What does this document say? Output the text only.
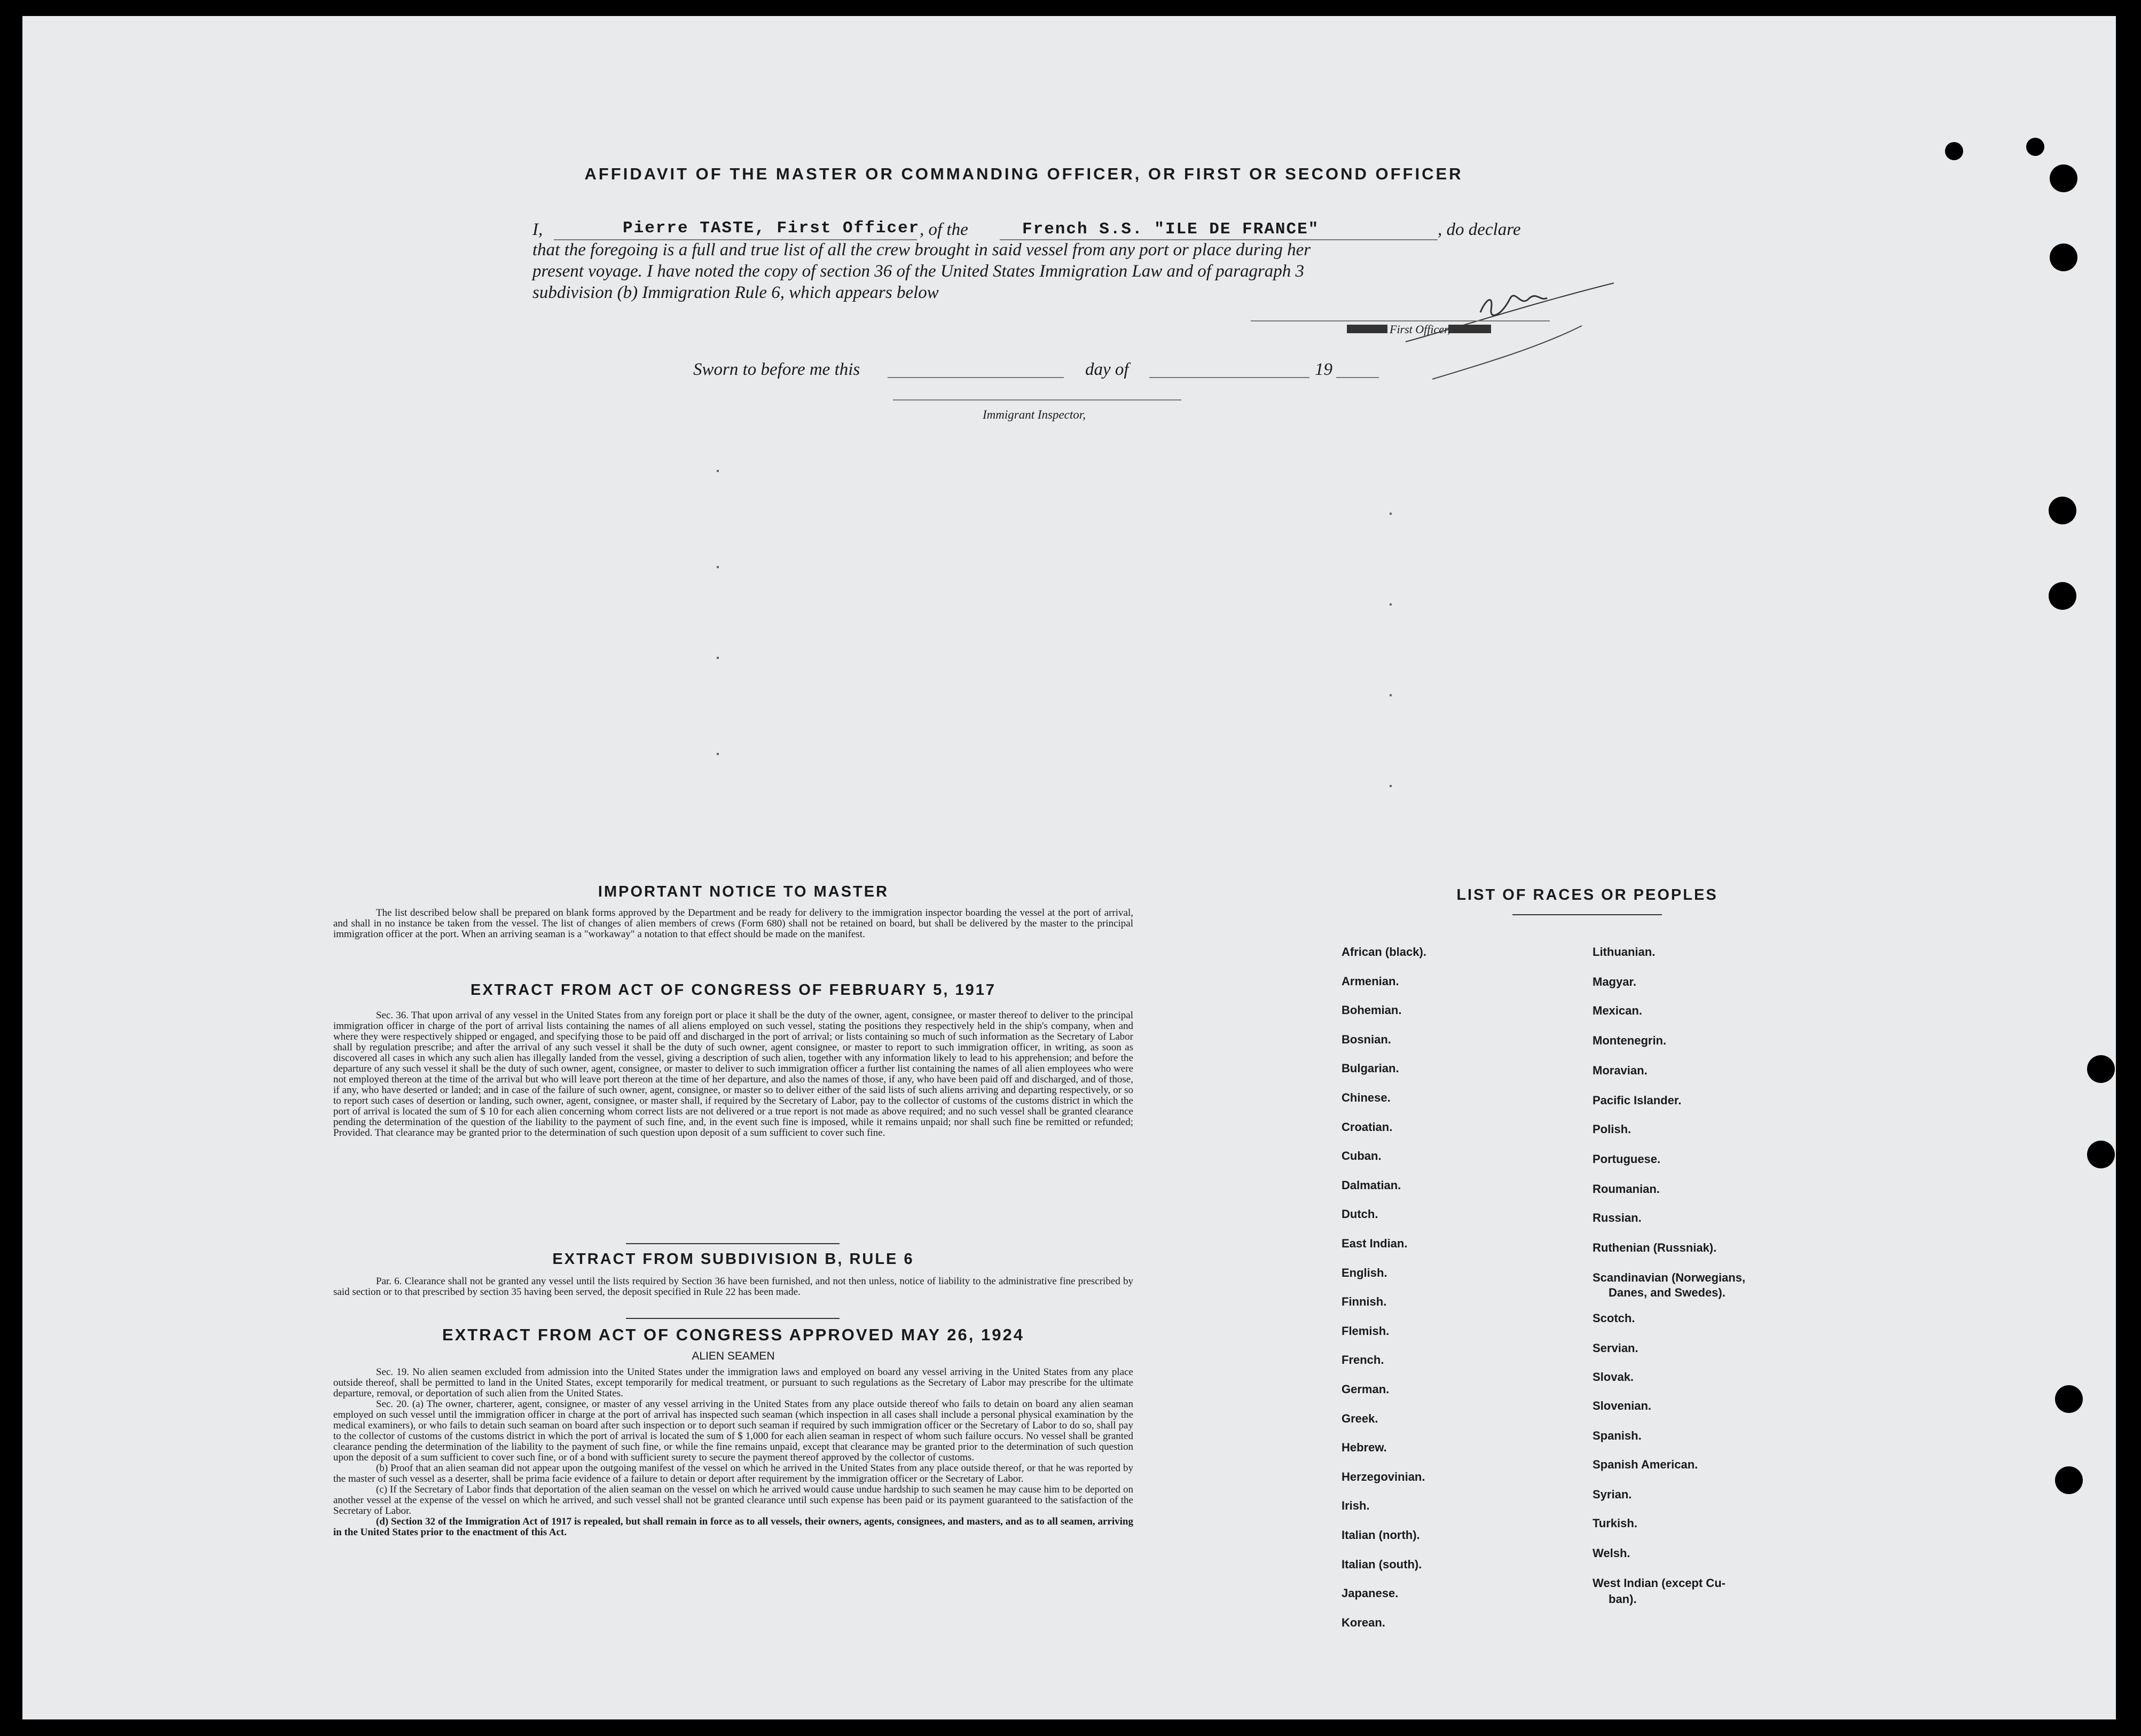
AFFIDAVIT OF THE MASTER OR COMMANDING OFFICER, OR FIRST OR SECOND OFFICER
I,	Pierre TASTE, First Officer , of the	French S.S. "ILE DE FRANCE"	, do declare
that the foregoing is a full and true list of all the crew brought in said vessel from any port or place during her
present voyage. I have noted the copy of section 36 of the United States Immigration Law and of paragraph 3
subdivision (b) Immigration Rule 6, which appears below
First Officer,
Sworn to before me this	day of	19
Immigrant Inspector,
IMPORTANT NOTICE TO MASTER
The list described below shall be prepared on blank forms approved by the Department and be ready for delivery to the immigration inspector boarding the vessel at the port of arrival, and shall in no instance be taken from the vessel. The list of changes of alien members of crews (Form 680) shall not be retained on board, but shall be delivered by the master to the principal immigration officer at the port. When an arriving seaman is a "workaway" a notation to that effect should be made on the manifest.
EXTRACT FROM ACT OF CONGRESS OF FEBRUARY 5, 1917
Sec. 36. That upon arrival of any vessel in the United States from any foreign port or place it shall be the duty of the owner, agent, consignee, or master thereof to deliver to the principal immigration officer in charge of the port of arrival lists containing the names of all aliens employed on such vessel, stating the positions they respectively held in the ship's company, when and where they were respectively shipped or engaged, and specifying those to be paid off and discharged in the port of arrival; or lists containing so much of such information as the Secretary of Labor shall by regulation prescribe; and after the arrival of any such vessel it shall be the duty of such owner, agent consignee, or master to report to such immigration officer, in writing, as soon as discovered all cases in which any such alien has illegally landed from the vessel, giving a description of such alien, together with any information likely to lead to his apprehension; and before the departure of any such vessel it shall be the duty of such owner, agent, consignee, or master to deliver to such immigration officer a further list containing the names of all alien employees who were not employed thereon at the time of the arrival but who will leave port thereon at the time of her departure, and also the names of those, if any, who have been paid off and discharged, and of those, if any, who have deserted or landed; and in case of the failure of such owner, agent, consignee, or master so to deliver either of the said lists of such aliens arriving and departing respectively, or so to report such cases of desertion or landing, such owner, agent, consignee, or master shall, if required by the Secretary of Labor, pay to the collector of customs of the customs district in which the port of arrival is located the sum of $ 10 for each alien concerning whom correct lists are not delivered or a true report is not made as above required; and no such vessel shall be granted clearance pending the determination of the question of the liability to the payment of such fine, and, in the event such fine is imposed, while it remains unpaid; nor shall such fine be remitted or refunded; Provided. That clearance may be granted prior to the determination of such question upon deposit of a sum sufficient to cover such fine.
EXTRACT FROM SUBDIVISION B, RULE 6
Par. 6. Clearance shall not be granted any vessel until the lists required by Section 36 have been furnished, and not then unless, notice of liability to the administrative fine prescribed by said section or to that prescribed by section 35 having been served, the deposit specified in Rule 22 has been made.
EXTRACT FROM ACT OF CONGRESS APPROVED MAY 26, 1924
ALIEN SEAMEN

Sec. 19. No alien seamen excluded from admission into the United States under the immigration laws and employed on board any vessel arriving in the United States from any place outside thereof, shall be permitted to land in the United States, except temporarily for medical treatment, or pursuant to such regulations as the Secretary of Labor may prescribe for the ultimate departure, removal, or deportation of such alien from the United States.

Sec. 20. (a) The owner, charterer, agent, consignee, or master of any vessel arriving in the United States from any place outside thereof who fails to detain on board any alien seaman employed on such vessel until the immigration officer in charge at the port of arrival has inspected such seaman (which inspection in all cases shall include a personal physical examination by the medical examiners), or who fails to detain such seaman on board after such inspection or to deport such seaman if required by such immigration officer or the Secretary of Labor to do so, shall pay to the collector of customs of the customs district in which the port of arrival is located the sum of $ 1,000 for each alien seaman in respect of whom such failure occurs. No vessel shall be granted clearance pending the determination of the liability to the payment of such fine, or while the fine remains unpaid, except that clearance may be granted prior to the determination of such question upon the deposit of a sum sufficient to cover such fine, or of a bond with sufficient surety to secure the payment thereof approved by the collector of customs.

(b) Proof that an alien seaman did not appear upon the outgoing manifest of the vessel on which he arrived in the United States from any place outside thereof, or that he was reported by the master of such vessel as a deserter, shall be prima facie evidence of a failure to detain or deport after requirement by the immigration officer or the Secretary of Labor.

(c) If the Secretary of Labor finds that deportation of the alien seaman on the vessel on which he arrived would cause undue hardship to such seamen he may cause him to be deported on another vessel at the expense of the vessel on which he arrived, and such vessel shall not be granted clearance until such expense has been paid or its payment guaranteed to the satisfaction of the Secretary of Labor.

(d) Section 32 of the Immigration Act of 1917 is repealed, but shall remain in force as to all vessels, their owners, agents, consignees, and masters, and as to all seamen, arriving in the United States prior to the enactment of this Act.

LIST OF RACES OR PEOPLES
African (black).
Armenian.
Bohemian.
Bosnian.
Bulgarian.
Chinese.
Croatian.
Cuban.
Dalmatian.
Dutch.
East Indian.
English.
Finnish.
Flemish.
French.
German.
Greek.
Hebrew.
Herzegovinian.
Irish.
Italian (north).
Italian (south).
Japanese.
Korean.
Lithuanian.
Magyar.
Mexican.
Montenegrin.
Moravian.
Pacific Islander.
Polish.
Portuguese.
Roumanian.
Russian.
Ruthenian (Russniak).
Scandinavian (Norwegians,
Scotch.
Servian.
Slovak.
Slovenian.
Spanish.
Spanish American.
Syrian.
Turkish.
Welsh.
West Indian (except Cu-
Danes, and Swedes).
ban).
